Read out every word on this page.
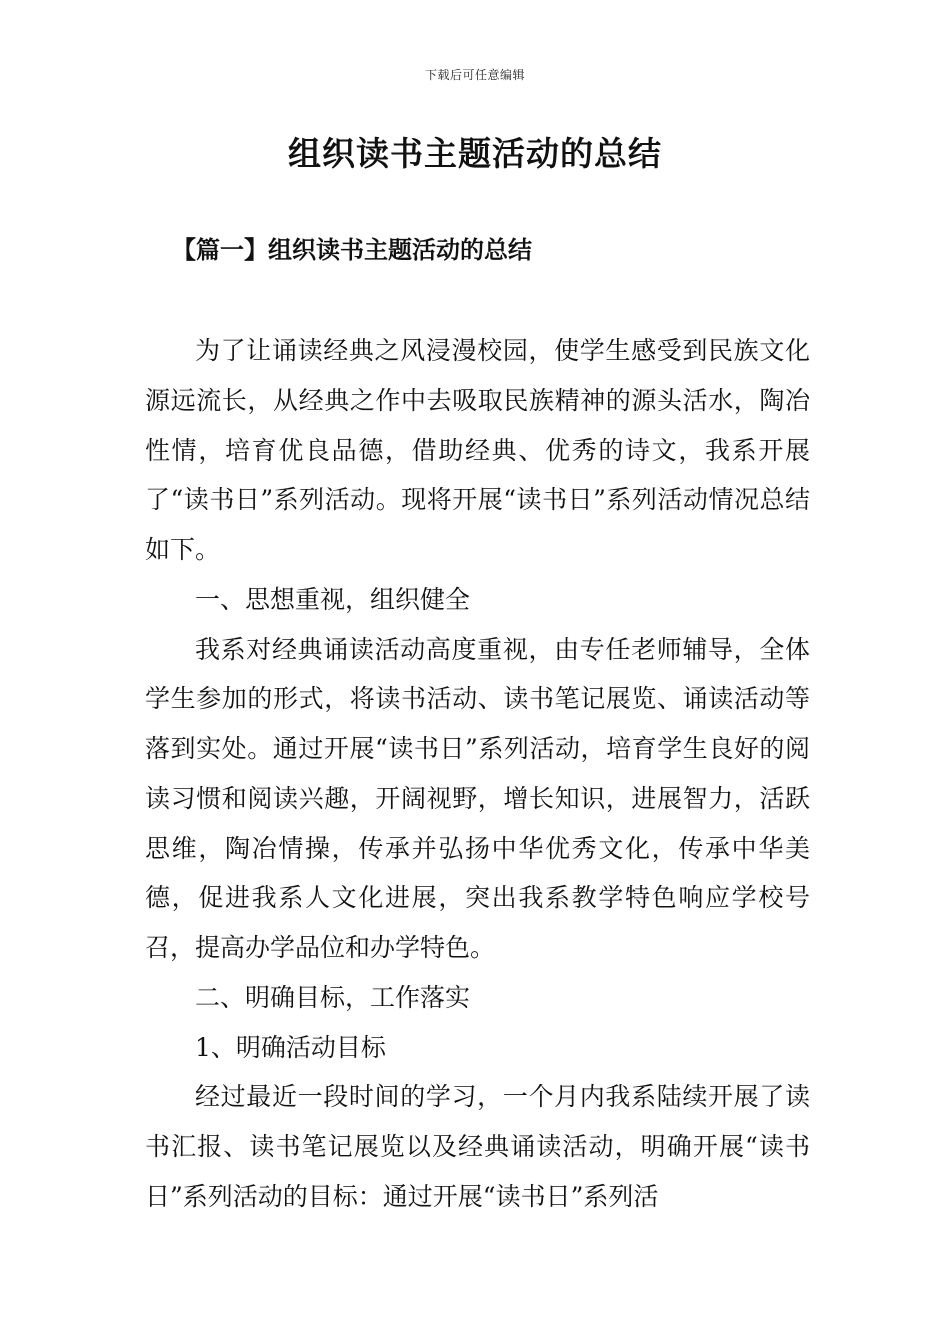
下载后可任意编辑
组织读书主题活动的总结
【篇一】组织读书主题活动的总结

为了让诵读经典之风浸漫校园，使学生感受到民族文化源远流长，从经典之作中去吸取民族精神的源头活水，陶冶性情，培育优良品德，借助经典、优秀的诗文，我系开展了“读书日”系列活动。现将开展“读书日”系列活动情况总结如下。

一、思想重视，组织健全

我系对经典诵读活动高度重视，由专任老师辅导，全体学生参加的形式，将读书活动、读书笔记展览、诵读活动等落到实处。通过开展“读书日”系列活动，培育学生良好的阅读习惯和阅读兴趣，开阔视野，增长知识，进展智力，活跃思维，陶冶情操，传承并弘扬中华优秀文化，传承中华美德，促进我系人文化进展，突出我系教学特色响应学校号召，提高办学品位和办学特色。

二、明确目标，工作落实

1、明确活动目标

经过最近一段时间的学习，一个月内我系陆续开展了读书汇报、读书笔记展览以及经典诵读活动，明确开展“读书日”系列活动的目标：通过开展“读书日”系列活
